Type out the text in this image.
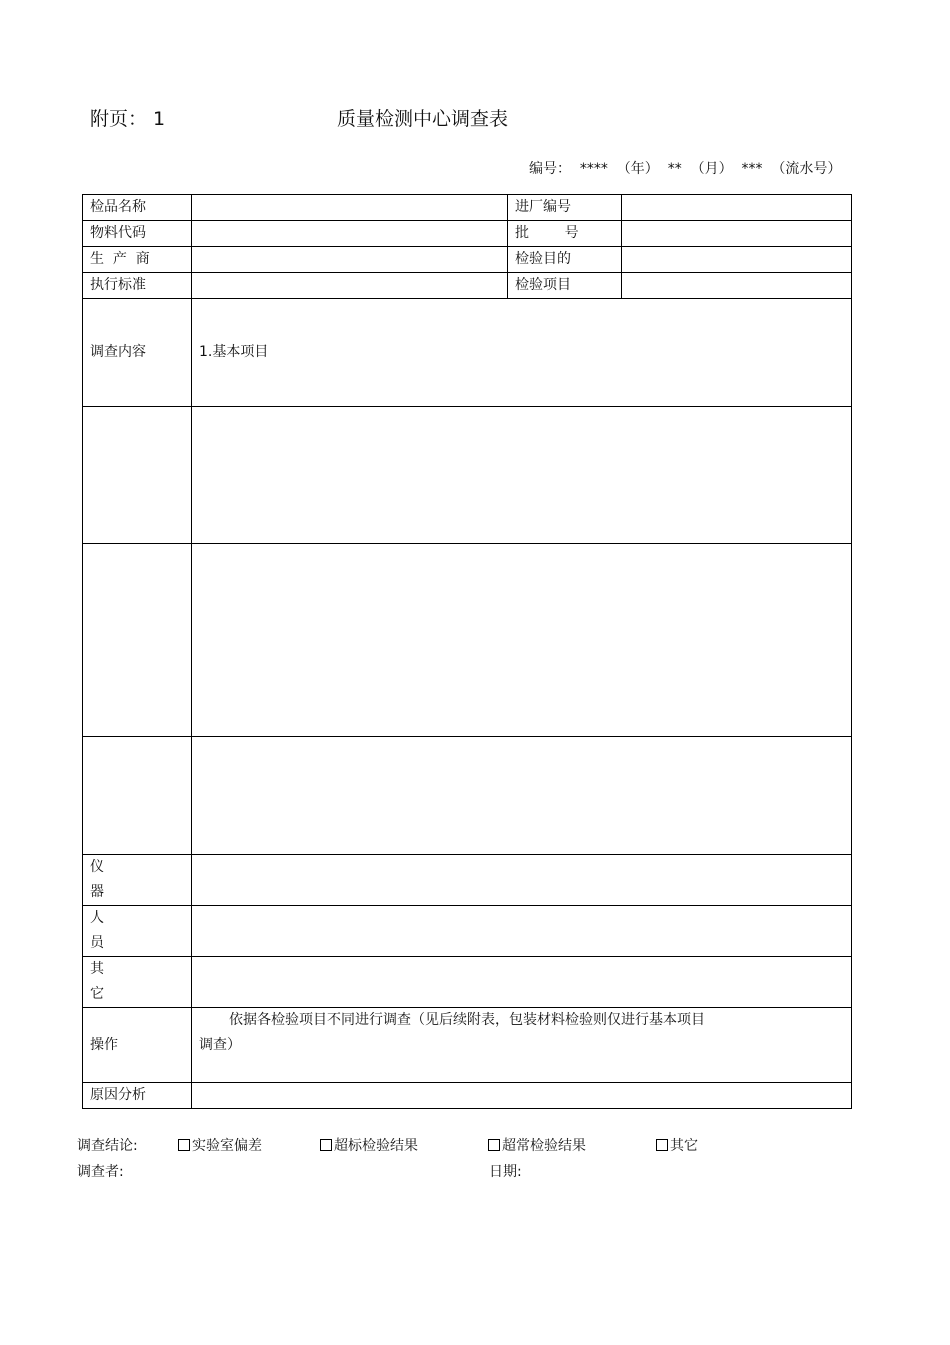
附页： 1	质量检测中心调查表
编号：  ****  （年）  **  （月）  ***  （流水号）
检品名称		进厂编号	
物料代码		批        号	
生  产  商		检验目的	
执行标准		检验项目	
调查内容	1.基本项目		

仪
器			

人
员			

其
它			

操作	依据各检验项目不同进行调查（见后续附表，包装材料检验则仅进行基本项目
调查）		

原因分析			
调查结论:	实验室偏差	超标检验结果	超常检验结果	其它
调查者:	日期:
